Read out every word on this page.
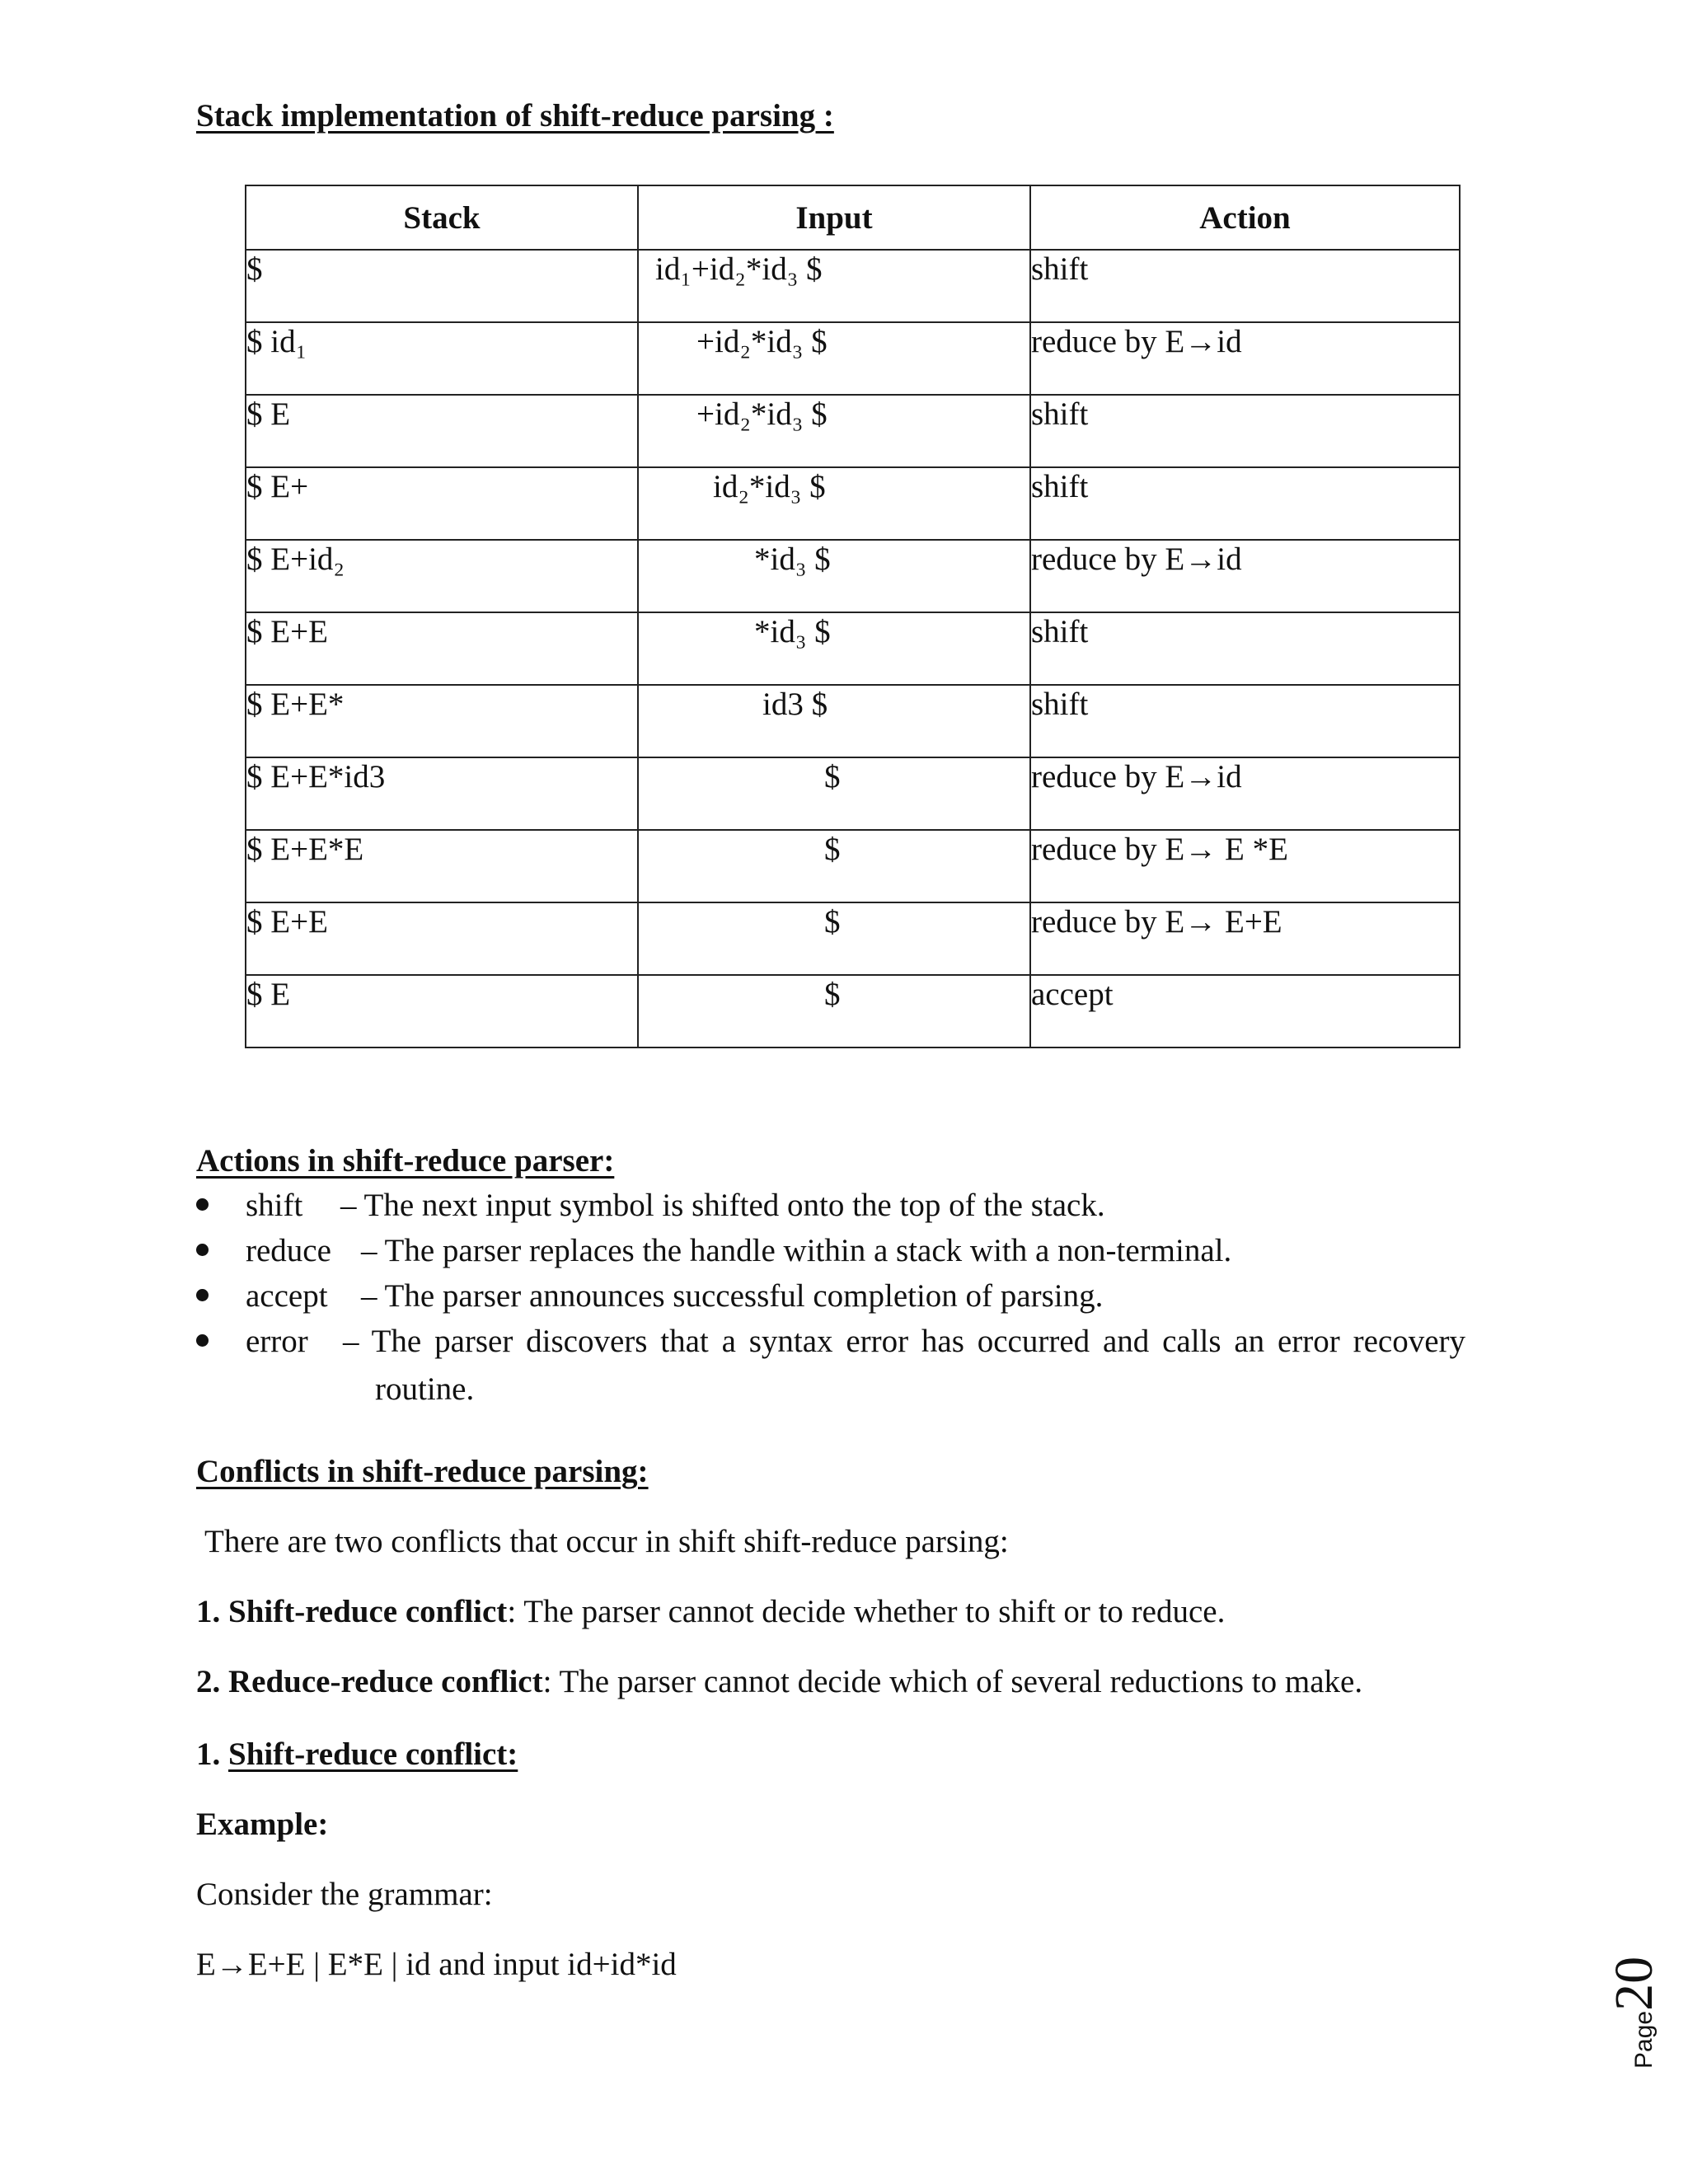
Stack implementation of shift-reduce parsing :
Stack	Input	Action
$	id₁+id₂*id₃ $	shift
$ id₁	+id₂*id₃ $	reduce by E→id
$ E	+id₂*id₃ $	shift
$ E+	id₂*id₃ $	shift
$ E+id₂	*id₃ $	reduce by E→id
$ E+E	*id₃ $	shift
$ E+E*	id3 $	shift
$ E+E*id3	$	reduce by E→id
$ E+E*E	$	reduce by E→ E *E
$ E+E	$	reduce by E→ E+E
$ E	$	accept
Actions in shift-reduce parser:
shift – The next input symbol is shifted onto the top of the stack.
reduce – The parser replaces the handle within a stack with a non-terminal.
accept – The parser announces successful completion of parsing.
error – The parser discovers that a syntax error has occurred and calls an error recovery
routine.
Conflicts in shift-reduce parsing:
There are two conflicts that occur in shift shift-reduce parsing:
1. Shift-reduce conflict: The parser cannot decide whether to shift or to reduce.
2. Reduce-reduce conflict: The parser cannot decide which of several reductions to make.
1. Shift-reduce conflict:
Example:
Consider the grammar:
E→E+E | E*E | id and input id+id*id
Page20
